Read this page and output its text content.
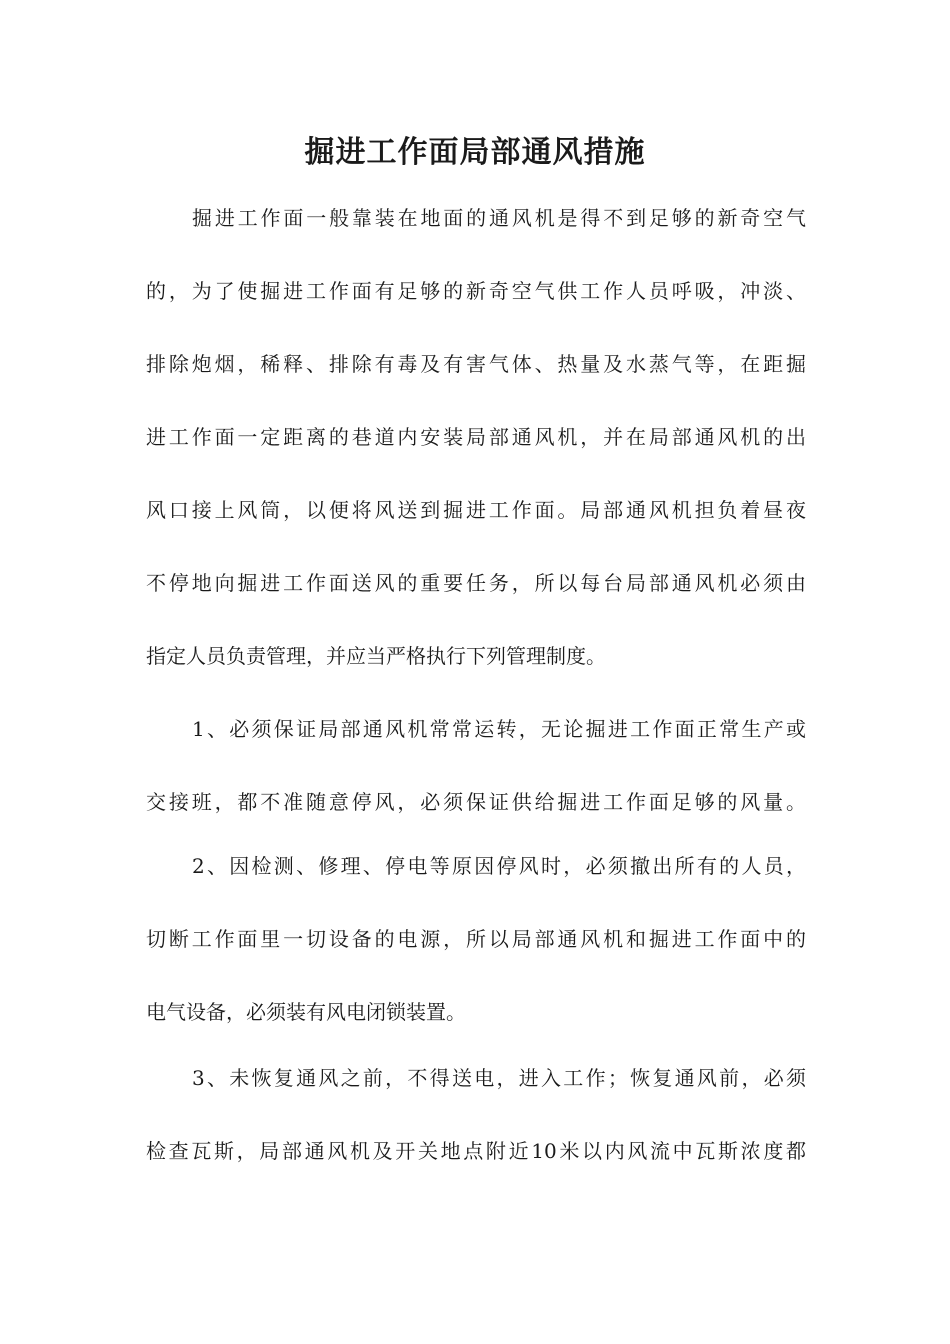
掘进工作面局部通风措施
掘进工作面一般靠装在地面的通风机是得不到足够的新奇空气
的，为了使掘进工作面有足够的新奇空气供工作人员呼吸，冲淡、
排除炮烟，稀释、排除有毒及有害气体、热量及水蒸气等，在距掘
进工作面一定距离的巷道内安装局部通风机，并在局部通风机的出
风口接上风筒，以便将风送到掘进工作面。局部通风机担负着昼夜
不停地向掘进工作面送风的重要任务，所以每台局部通风机必须由
指定人员负责管理，并应当严格执行下列管理制度。
1、必须保证局部通风机常常运转，无论掘进工作面正常生产或
交接班，都不准随意停风，必须保证供给掘进工作面足够的风量。
2、因检测、修理、停电等原因停风时，必须撤出所有的人员，
切断工作面里一切设备的电源，所以局部通风机和掘进工作面中的
电气设备，必须装有风电闭锁装置。
3、未恢复通风之前，不得送电，进入工作；恢复通风前，必须
检查瓦斯，局部通风机及开关地点附近10米以内风流中瓦斯浓度都
